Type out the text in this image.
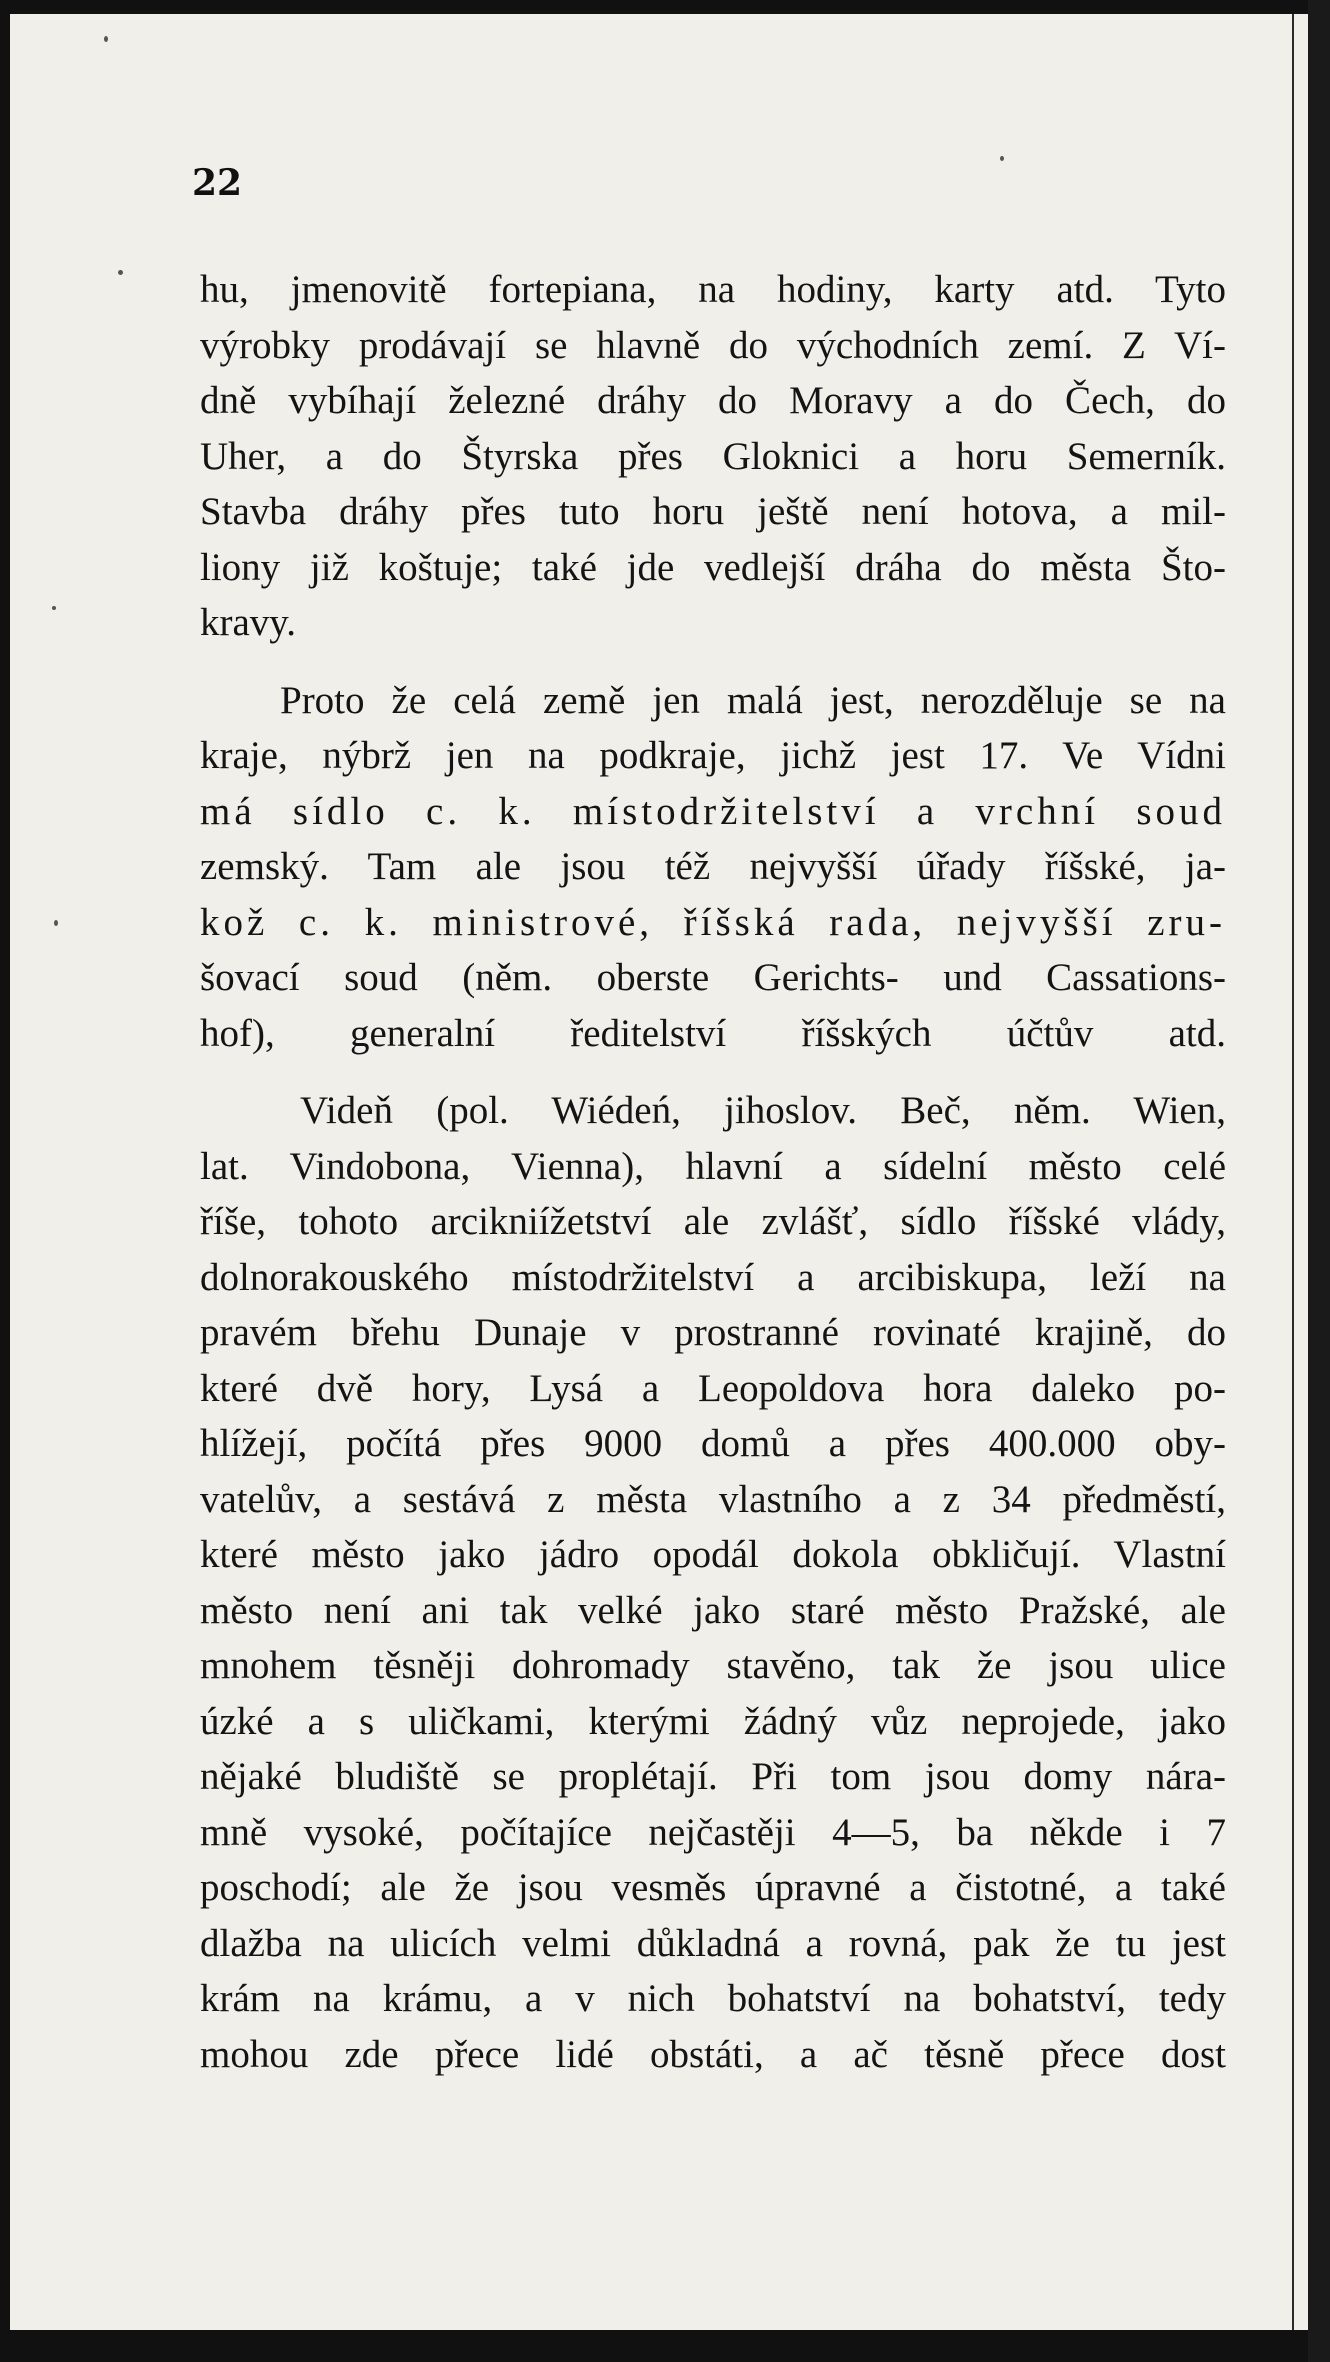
22
hu, jmenovitě fortepiana, na hodiny, karty atd. Tyto
výrobky prodávají se hlavně do východních zemí. Z Ví-
dně vybíhají železné dráhy do Moravy a do Čech, do
Uher, a do Štyrska přes Gloknici a horu Semerník.
Stavba dráhy přes tuto horu ještě není hotova, a mil-
liony již koštuje; také jde vedlejší dráha do města Što-
kravy.
Proto že celá země jen malá jest, nerozděluje se na
kraje, nýbrž jen na podkraje, jichž jest 17. Ve Vídni
má sídlo c. k. místodržitelství a vrchní soud
zemský. Tam ale jsou též nejvyšší úřady říšské, ja-
kož c. k. ministrové, říšská rada, nejvyšší zru-
šovací soud (něm. oberste Gerichts- und Cassations-
hof), generalní ředitelství říšských účtův atd.
Videň (pol. Wiédeń, jihoslov. Beč, něm. Wien,
lat. Vindobona, Vienna), hlavní a sídelní město celé
říše, tohoto arcikniížetství ale zvlášť, sídlo říšské vlády,
dolnorakouského místodržitelství a arcibiskupa, leží na
pravém břehu Dunaje v prostranné rovinaté krajině, do
které dvě hory, Lysá a Leopoldova hora daleko po-
hlížejí, počítá přes 9000 domů a přes 400.000 oby-
vatelův, a sestává z města vlastního a z 34 předměstí,
které město jako jádro opodál dokola obkličují. Vlastní
město není ani tak velké jako staré město Pražské, ale
mnohem těsněji dohromady stavěno, tak že jsou ulice
úzké a s uličkami, kterými žádný vůz neprojede, jako
nějaké bludiště se proplétají. Při tom jsou domy nára-
mně vysoké, počítajíce nejčastěji 4—5, ba někde i 7
poschodí; ale že jsou vesměs úpravné a čistotné, a také
dlažba na ulicích velmi důkladná a rovná, pak že tu jest
krám na krámu, a v nich bohatství na bohatství, tedy
mohou zde přece lidé obstáti, a ač těsně přece dost
